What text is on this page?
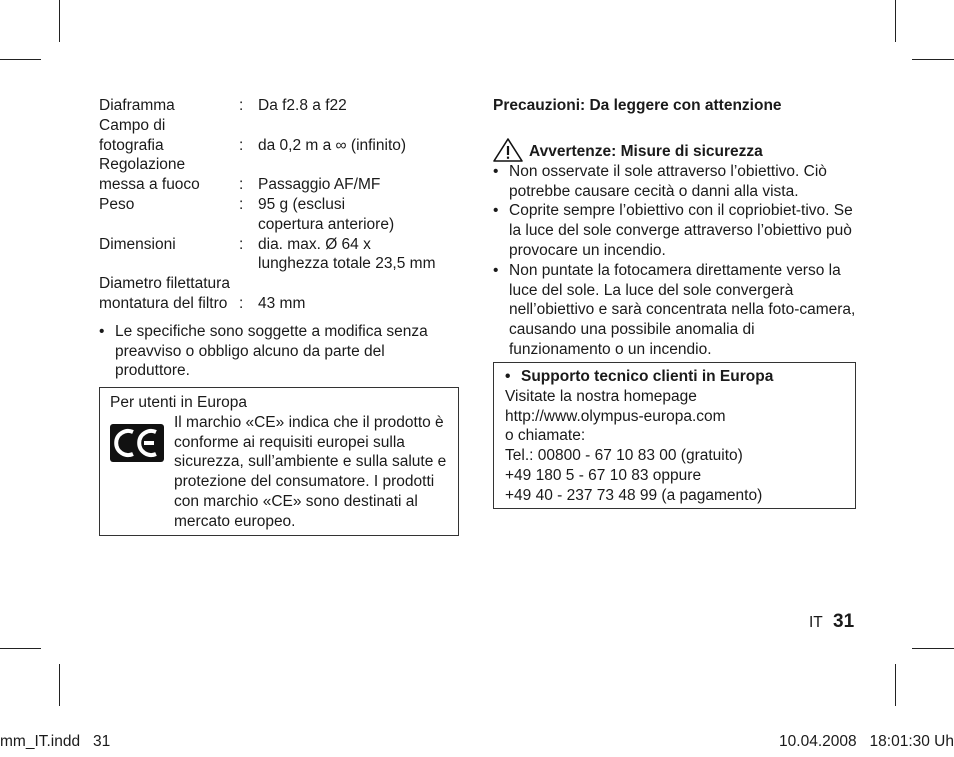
Diaframma	: Da f2.8 a f22
Campo di
fotografia	: da 0,2 m a ∞ (infinito)
Regolazione
messa a fuoco	: Passaggio AF/MF
Peso	: 95 g (esclusi
copertura anteriore)
Dimensioni	: dia. max. Ø 64 x
lunghezza totale 23,5 mm
Diametro filettatura
montatura del filtro : 43 mm
• Le specifiche sono soggette a modifica senza preavviso o obbligo alcuno da parte del produttore.
Per utenti in Europa
Il marchio «CE» indica che il prodotto è conforme ai requisiti europei sulla sicurezza, sull’ambiente e sulla salute e protezione del consumatore. I prodotti con marchio «CE» sono destinati al mercato europeo.
Precauzioni: Da leggere con attenzione
Avvertenze: Misure di sicurezza
• Non osservate il sole attraverso l’obiettivo. Ciò potrebbe causare cecità o danni alla vista.
• Coprite sempre l’obiettivo con il copriobiet-tivo. Se la luce del sole converge attraverso l’obiettivo può provocare un incendio.
• Non puntate la fotocamera direttamente verso la luce del sole. La luce del sole convergerà nell’obiettivo e sarà concentrata nella foto-camera, causando una possibile anomalia di funzionamento o un incendio.
• Supporto tecnico clienti in Europa
Visitate la nostra homepage
http://www.olympus-europa.com
o chiamate:
Tel.: 00800 - 67 10 83 00 (gratuito)
+49 180 5 - 67 10 83 oppure
+49 40 - 237 73 48 99 (a pagamento)
IT 31
mm_IT.indd   31	10.04.2008   18:01:30 Uh
